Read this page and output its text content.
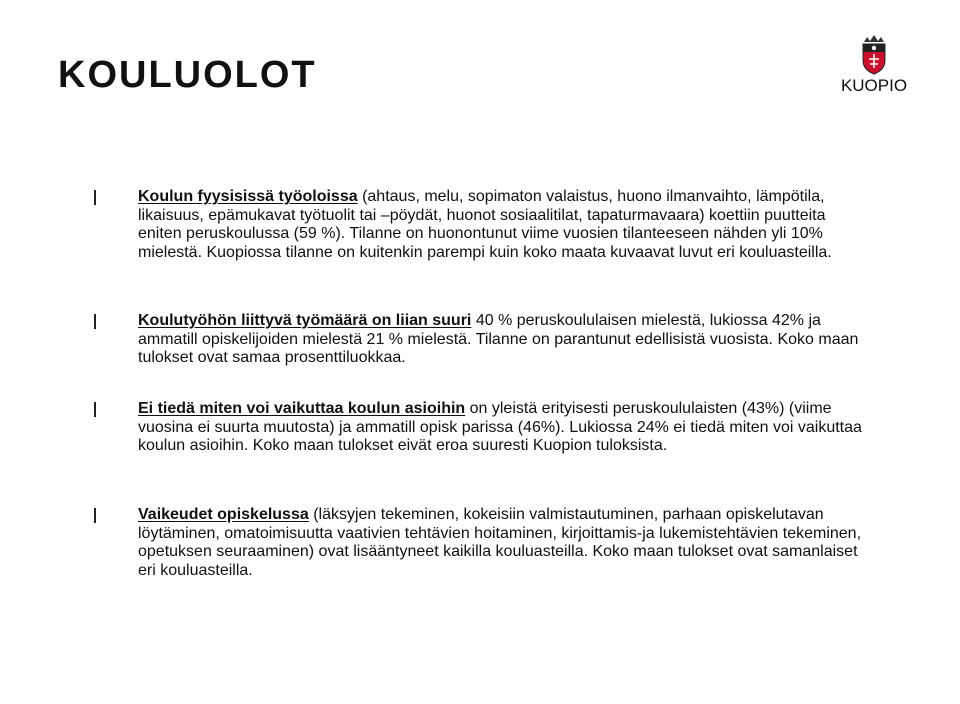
KOULUOLOT	KUOPIO

Koulun fyysisissä työoloissa (ahtaus, melu, sopimaton valaistus, huono ilmanvaihto, lämpötila, likaisuus, epämukavat työtuolit tai –pöydät, huonot sosiaalitilat, tapaturmavaara) koettiin puutteita eniten peruskoulussa (59 %). Tilanne on huonontunut viime vuosien tilanteeseen nähden yli 10% mielestä. Kuopiossa tilanne on kuitenkin parempi kuin koko maata kuvaavat luvut eri kouluasteilla.

Koulutyöhön liittyvä työmäärä on liian suuri 40 % peruskoululaisen mielestä, lukiossa 42% ja ammatill opiskelijoiden mielestä 21 % mielestä. Tilanne on parantunut edellisistä vuosista. Koko maan tulokset ovat samaa prosenttiluokkaa.

Ei tiedä miten voi vaikuttaa koulun asioihin on yleistä erityisesti peruskoululaisten (43%) (viime vuosina ei suurta muutosta) ja ammatill opisk parissa (46%). Lukiossa 24% ei tiedä miten voi vaikuttaa koulun asioihin. Koko maan tulokset eivät eroa suuresti Kuopion tuloksista.

Vaikeudet opiskelussa (läksyjen tekeminen, kokeisiin valmistautuminen, parhaan opiskelutavan löytäminen, omatoimisuutta vaativien tehtävien hoitaminen, kirjoittamis-ja lukemistehtävien tekeminen, opetuksen seuraaminen) ovat lisääntyneet kaikilla kouluasteilla. Koko maan tulokset ovat samanlaiset eri kouluasteilla.
